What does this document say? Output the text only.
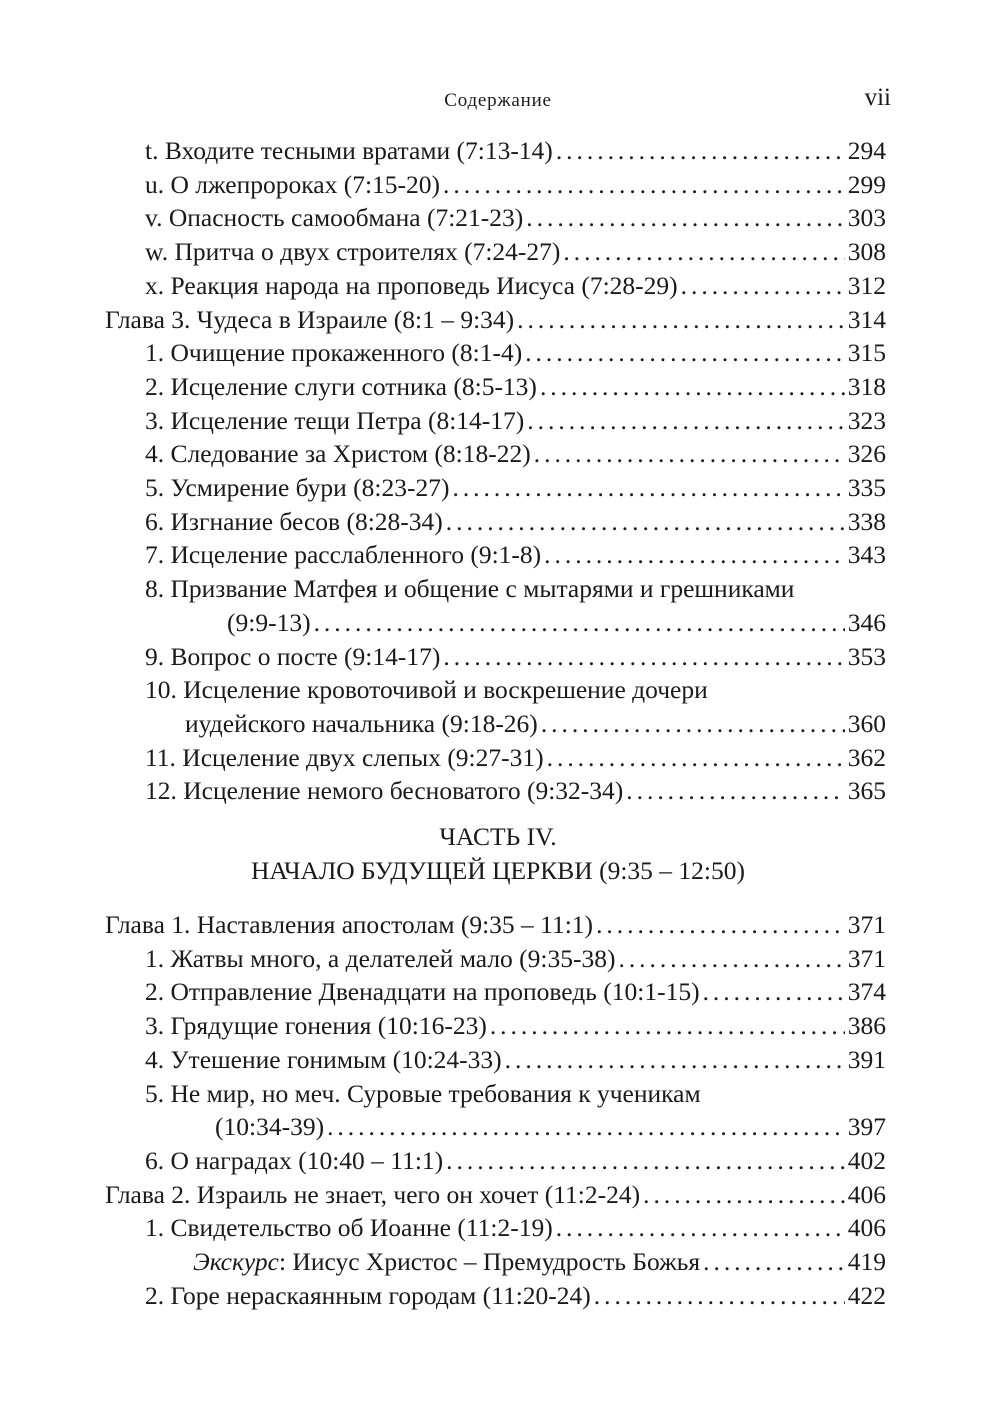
Содержание	vii
t. Входите тесными вратами (7:13-14) . . .	294
u. О лжепророках (7:15-20) . . .	299
v. Опасность самообмана (7:21-23) . . .	303
w. Притча о двух строителях (7:24-27) . . .	308
x. Реакция народа на проповедь Иисуса (7:28-29) . . .	312
Глава 3. Чудеса в Израиле (8:1 – 9:34) . . .	314
1. Очищение прокаженного (8:1-4) . . .	315
2. Исцеление слуги сотника (8:5-13) . . .	318
3. Исцеление тещи Петра (8:14-17) . . .	323
4. Следование за Христом (8:18-22) . . .	326
5. Усмирение бури (8:23-27) . . .	335
6. Изгнание бесов (8:28-34) . . .	338
7. Исцеление расслабленного (9:1-8) . . .	343
8. Призвание Матфея и общение с мытарями и грешниками
(9:9-13) . . .	346
9. Вопрос о посте (9:14-17) . . .	353
10. Исцеление кровоточивой и воскрешение дочери
иудейского начальника (9:18-26) . . .	360
11. Исцеление двух слепых (9:27-31) . . .	362
12. Исцеление немого бесноватого (9:32-34) . . .	365
ЧАСТЬ IV.
НАЧАЛО БУДУЩЕЙ ЦЕРКВИ (9:35 – 12:50)
Глава 1. Наставления апостолам (9:35 – 11:1) . . .	371
1. Жатвы много, а делателей мало (9:35-38) . . .	371
2. Отправление Двенадцати на проповедь (10:1-15) . . .	374
3. Грядущие гонения (10:16-23) . . .	386
4. Утешение гонимым (10:24-33) . . .	391
5. Не мир, но меч. Суровые требования к ученикам
(10:34-39) . . .	397
6. О наградах (10:40 – 11:1) . . .	402
Глава 2. Израиль не знает, чего он хочет (11:2-24) . . .	406
1. Свидетельство об Иоанне (11:2-19) . . .	406
Экскурс: Иисус Христос – Премудрость Божья . . .	419
2. Горе нераскаянным городам (11:20-24) . . .	422
